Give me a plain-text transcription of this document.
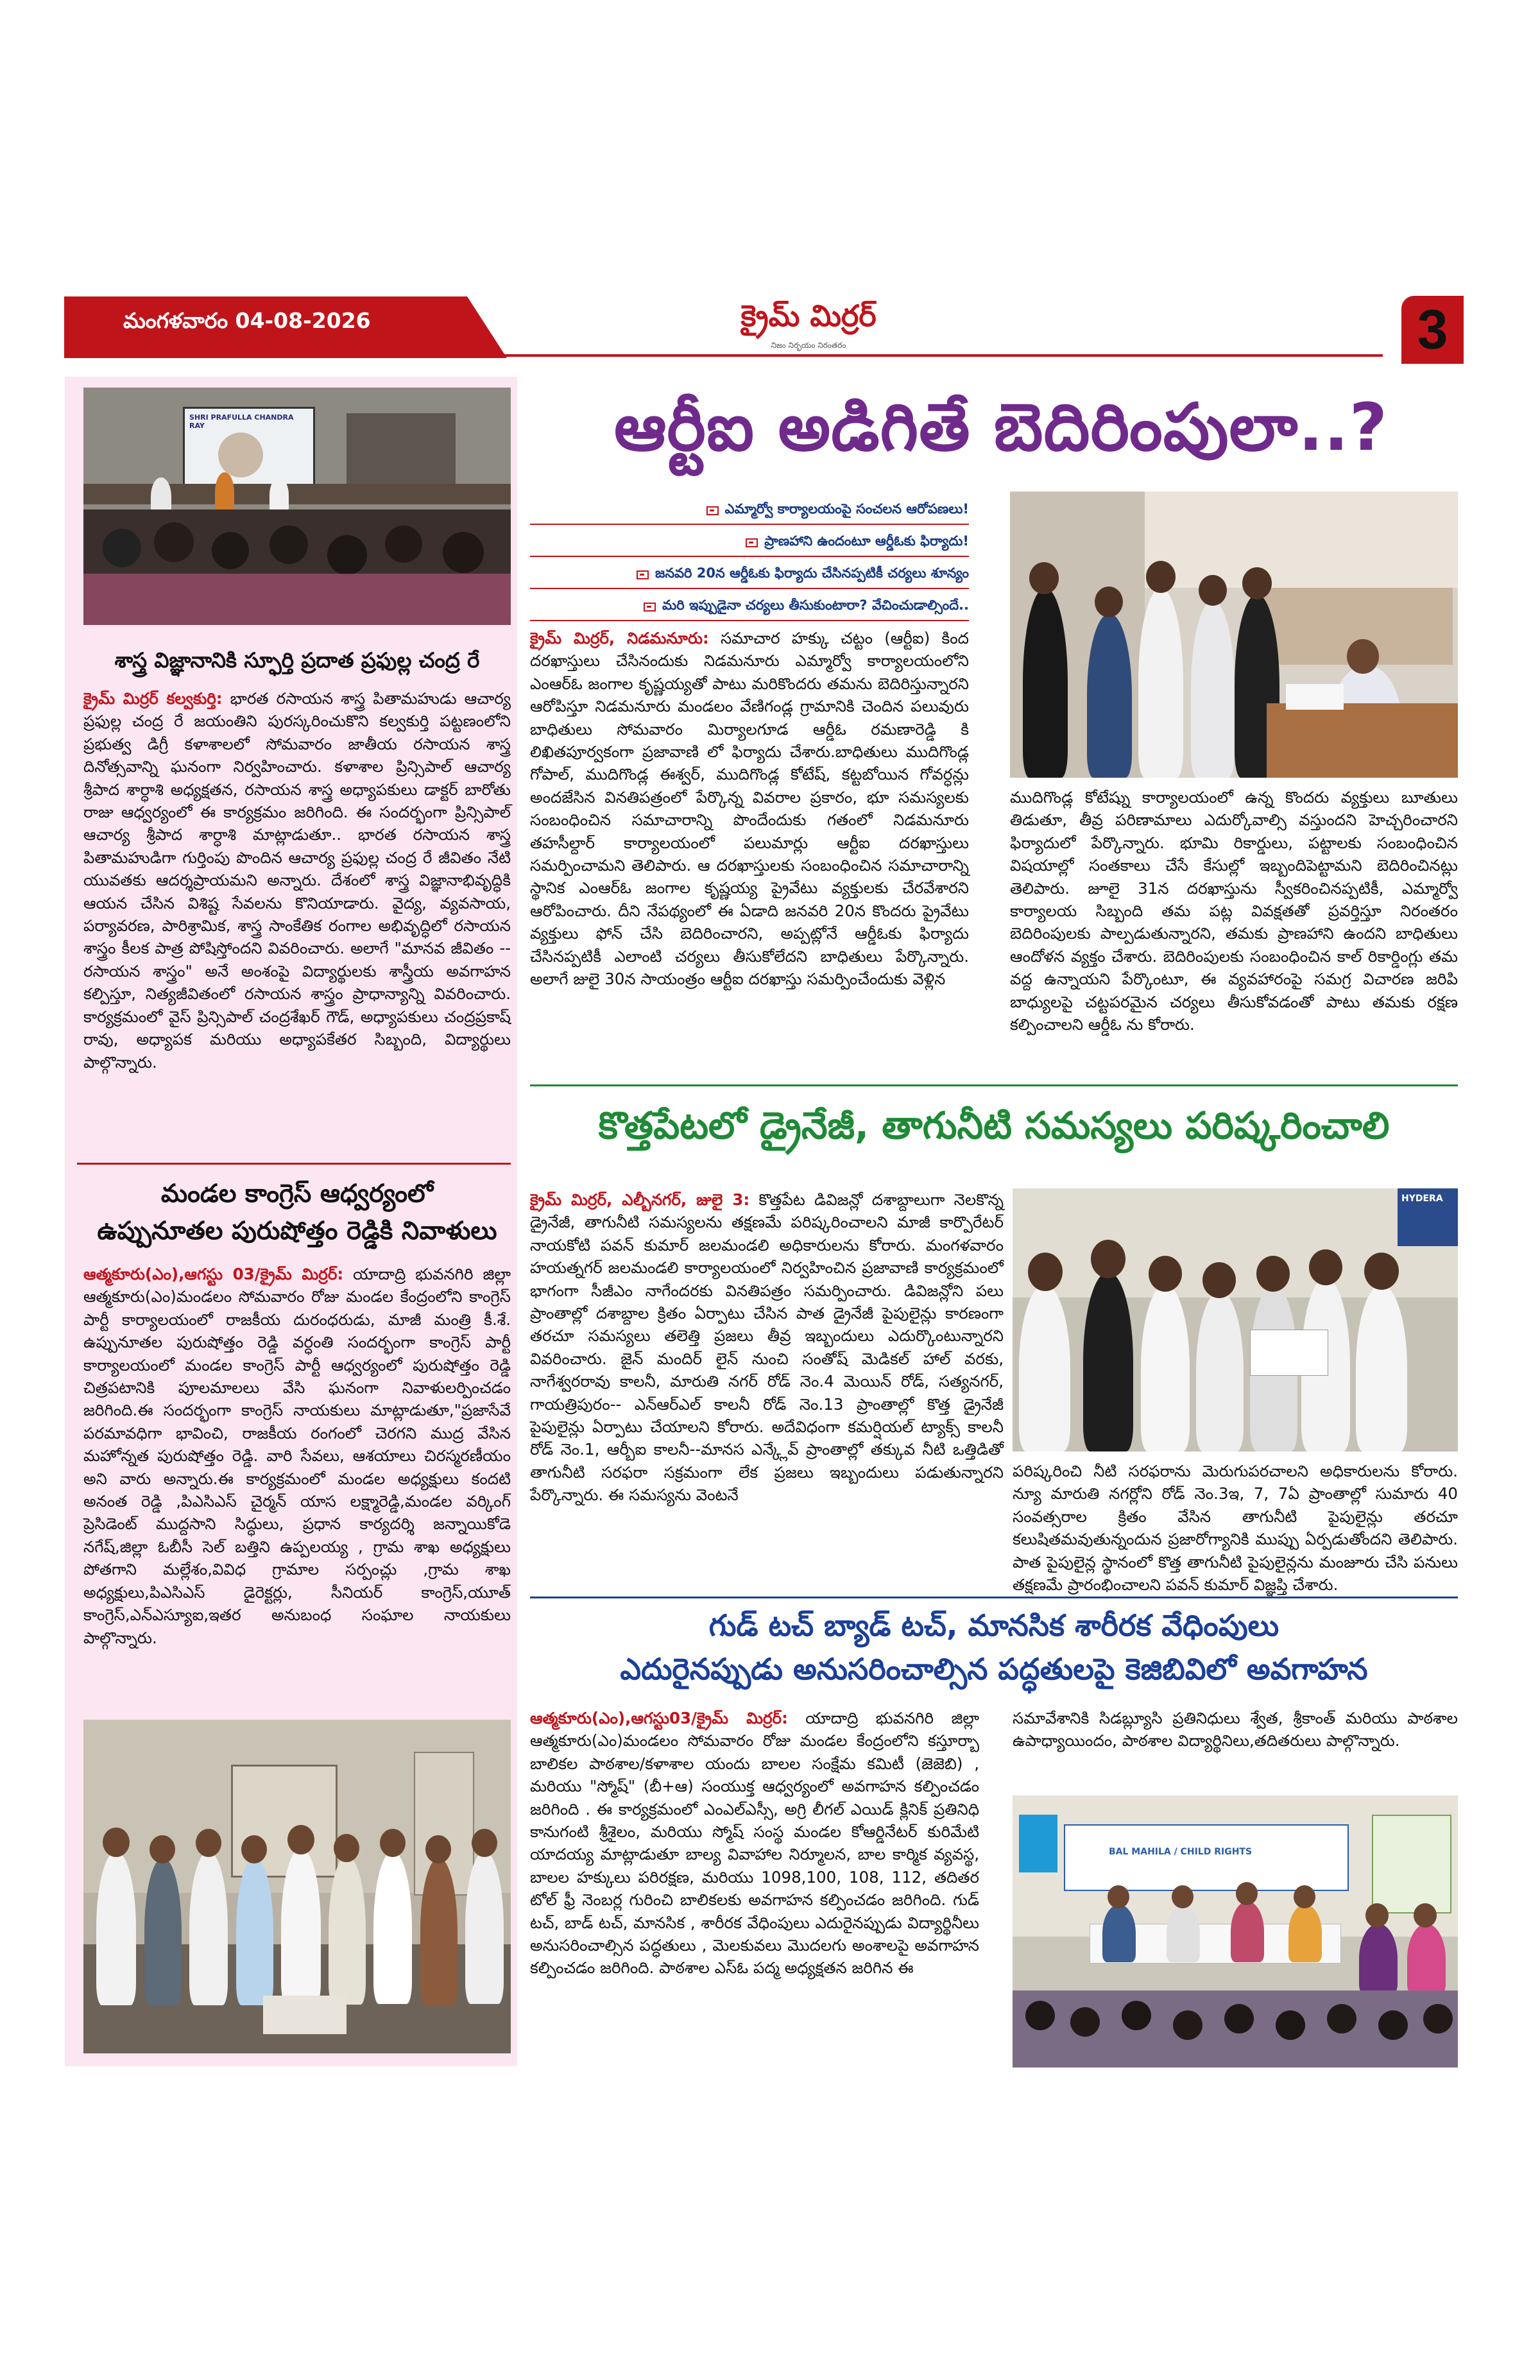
మంగళవారం 04-08-2026	క్రైమ్ మిర్రర్
నిజం నిర్భయం నిరంతరం	3
SHRI PRAFULLA CHANDRA RAY
శాస్త్ర విజ్ఞానానికి స్ఫూర్తి ప్రదాత ప్రఫుల్ల చంద్ర రే

క్రైమ్ మిర్రర్ కల్వకుర్తి: భారత రసాయన శాస్త్ర పితామహుడు ఆచార్య ప్రఫుల్ల చంద్ర రే జయంతిని పురస్కరించుకొని కల్వకుర్తి పట్టణంలోని ప్రభుత్వ డిగ్రీ కళాశాలలో సోమవారం జాతీయ రసాయన శాస్త్ర దినోత్సవాన్ని ఘనంగా నిర్వహించారు. కళాశాల ప్రిన్సిపాల్ ఆచార్య శ్రీపాద శార్ధాశి అధ్యక్షతన, రసాయన శాస్త్ర అధ్యాపకులు డాక్టర్ బారోతు రాజు ఆధ్వర్యంలో ఈ కార్యక్రమం జరిగింది. ఈ సందర్భంగా ప్రిన్సిపాల్ ఆచార్య శ్రీపాద శార్ధాశి మాట్లాడుతూ.. భారత రసాయన శాస్త్ర పితామహుడిగా గుర్తింపు పొందిన ఆచార్య ప్రఫుల్ల చంద్ర రే జీవితం నేటి యువతకు ఆదర్శప్రాయమని అన్నారు. దేశంలో శాస్త్ర విజ్ఞానాభివృద్ధికి ఆయన చేసిన విశిష్ట సేవలను కొనియాడారు. వైద్య, వ్యవసాయ, పర్యావరణ, పారిశ్రామిక, శాస్త్ర సాంకేతిక రంగాల అభివృద్ధిలో రసాయన శాస్త్రం కీలక పాత్ర పోషిస్తోందని వివరించారు. అలాగే "మానవ జీవితం -- రసాయన శాస్త్రం" అనే అంశంపై విద్యార్థులకు శాస్త్రీయ అవగాహన కల్పిస్తూ, నిత్యజీవితంలో రసాయన శాస్త్రం ప్రాధాన్యాన్ని వివరించారు. కార్యక్రమంలో వైస్ ప్రిన్సిపాల్ చంద్రశేఖర్ గౌడ్, అధ్యాపకులు చంద్రప్రకాష్ రావు, అధ్యాపక మరియు అధ్యాపకేతర సిబ్బంది, విద్యార్థులు పాల్గొన్నారు.

మండల కాంగ్రెస్ ఆధ్వర్యంలో
ఉప్పునూతల పురుషోత్తం రెడ్డికి నివాళులు

ఆత్మకూరు(ఎం),ఆగస్టు 03/క్రైమ్ మిర్రర్: యాదాద్రి భువనగిరి జిల్లా ఆత్మకూరు(ఎం)మండలం సోమవారం రోజు మండల కేంద్రంలోని కాంగ్రెస్ పార్టీ కార్యాలయంలో రాజకీయ దురంధరుడు, మాజీ మంత్రి కీ.శే. ఉప్పునూతల పురుషోత్తం రెడ్డి వర్ధంతి సందర్భంగా కాంగ్రెస్ పార్టీ కార్యాలయంలో మండల కాంగ్రెస్ పార్టీ ఆధ్వర్యంలో పురుషోత్తం రెడ్డి చిత్రపటానికి పూలమాలలు వేసి ఘనంగా నివాళులర్పించడం జరిగింది.ఈ సందర్భంగా కాంగ్రెస్ నాయకులు మాట్లాడుతూ,"ప్రజాసేవే పరమావధిగా భావించి, రాజకీయ రంగంలో చెరగని ముద్ర వేసిన మహోన్నత పురుషోత్తం రెడ్డి. వారి సేవలు, ఆశయాలు చిరస్మరణీయం అని వారు అన్నారు.ఈ కార్యక్రమంలో మండల అధ్యక్షులు కందటి అనంత రెడ్డి ,పిఎసిఎస్ చైర్మన్ యాస లక్ష్మారెడ్డి,మండల వర్కింగ్ ప్రెసిడెంట్ ముద్దసాని సిద్ధులు, ప్రధాన కార్యదర్శి జన్నాయికోడె నగేష్,జిల్లా ఓబీసీ సెల్ బత్తిని ఉప్పలయ్య , గ్రామ శాఖ అధ్యక్షులు పోతగాని మల్లేశం,వివిధ గ్రామాల సర్పంచ్లు ,గ్రామ శాఖ అధ్యక్షులు,పిఎసిఎస్ డైరెక్టర్లు, సీనియర్ కాంగ్రెస్,యూత్ కాంగ్రెస్,ఎన్ఎస్యూఐ,ఇతర అనుబంధ సంఘాల నాయకులు పాల్గొన్నారు.

ఆర్టీఐ అడిగితే బెదిరింపులా..?
ఎమ్మార్వో కార్యాలయంపై సంచలన ఆరోపణలు!
ప్రాణహాని ఉందంటూ ఆర్డీఓకు ఫిర్యాదు!
జనవరి 20న ఆర్డీఓకు ఫిర్యాదు చేసినప్పటికీ చర్యలు శూన్యం
మరి ఇప్పుడైనా చర్యలు తీసుకుంటారా? వేచించుడాల్సిందే..

క్రైమ్ మిర్రర్, నిడమనూరు: సమాచార హక్కు చట్టం (ఆర్టీఐ) కింద దరఖాస్తులు చేసినందుకు నిడమనూరు ఎమ్మార్వో కార్యాలయంలోని ఎంఆర్ఓ జంగాల కృష్ణయ్యతో పాటు మరికొందరు తమను బెదిరిస్తున్నారని ఆరోపిస్తూ నిడమనూరు మండలం వేణిగండ్ల గ్రామానికి చెందిన పలువురు బాధితులు సోమవారం మిర్యాలగూడ ఆర్డీఓ రమణారెడ్డి కి లిఖితపూర్వకంగా ప్రజావాణి లో ఫిర్యాదు చేశారు.బాధితులు ముదిగొండ్ల గోపాల్, ముదిగొండ్ల ఈశ్వర్, ముదిగొండ్ల కోటేష్, కట్టబోయిన గోవర్ధన్లు అందజేసిన వినతిపత్రంలో పేర్కొన్న వివరాల ప్రకారం, భూ సమస్యలకు సంబంధించిన సమాచారాన్ని పొందేందుకు గతంలో నిడమనూరు తహసీల్దార్ కార్యాలయంలో పలుమార్లు ఆర్టీఐ దరఖాస్తులు సమర్పించామని తెలిపారు. ఆ దరఖాస్తులకు సంబంధించిన సమాచారాన్ని స్థానిక ఎంఆర్ఓ జంగాల కృష్ణయ్య ప్రైవేటు వ్యక్తులకు చేరవేశారని ఆరోపించారు. దీని నేపథ్యంలో ఈ ఏడాది జనవరి 20న కొందరు ప్రైవేటు వ్యక్తులు ఫోన్ చేసి బెదిరించారని, అప్పట్లోనే ఆర్డీఓకు ఫిర్యాదు చేసినప్పటికీ ఎలాంటి చర్యలు తీసుకోలేదని బాధితులు పేర్కొన్నారు. అలాగే జులై 30న సాయంత్రం ఆర్టీఐ దరఖాస్తు సమర్పించేందుకు వెళ్లిన

ముదిగొండ్ల కోటేష్ను కార్యాలయంలో ఉన్న కొందరు వ్యక్తులు బూతులు తిడుతూ, తీవ్ర పరిణామాలు ఎదుర్కోవాల్సి వస్తుందని హెచ్చరించారని ఫిర్యాదులో పేర్కొన్నారు. భూమి రికార్డులు, పట్టాలకు సంబంధించిన విషయాల్లో సంతకాలు చేసే కేసుల్లో ఇబ్బందిపెట్టామని బెదిరించినట్లు తెలిపారు. జూలై 31న దరఖాస్తును స్వీకరించినప్పటికీ, ఎమ్మార్వో కార్యాలయ సిబ్బంది తమ పట్ల వివక్షతతో ప్రవర్తిస్తూ నిరంతరం బెదిరింపులకు పాల్పడుతున్నారని, తమకు ప్రాణహాని ఉందని బాధితులు ఆందోళన వ్యక్తం చేశారు. బెదిరింపులకు సంబంధించిన కాల్ రికార్డింగ్లు తమ వద్ద ఉన్నాయని పేర్కొంటూ, ఈ వ్యవహారంపై సమగ్ర విచారణ జరిపి బాధ్యులపై చట్టపరమైన చర్యలు తీసుకోవడంతో పాటు తమకు రక్షణ కల్పించాలని ఆర్డీఓ ను కోరారు.

కొత్తపేటలో డ్రైనేజీ, తాగునీటి సమస్యలు పరిష్కరించాలి

క్రైమ్ మిర్రర్, ఎల్బీనగర్, జులై 3: కొత్తపేట డివిజన్లో దశాబ్దాలుగా నెలకొన్న డ్రైనేజీ, తాగునీటి సమస్యలను తక్షణమే పరిష్కరించాలని మాజీ కార్పొరేటర్ నాయకోటి పవన్ కుమార్ జలమండలి అధికారులను కోరారు. మంగళవారం హయత్నగర్ జలమండలి కార్యాలయంలో నిర్వహించిన ప్రజావాణి కార్యక్రమంలో భాగంగా సీజీఎం నాగేందరకు వినతిపత్రం సమర్పించారు. డివిజన్లోని పలు ప్రాంతాల్లో దశాబ్దాల క్రితం ఏర్పాటు చేసిన పాత డ్రైనేజీ పైపులైన్లు కారణంగా తరచూ సమస్యలు తలెత్తి ప్రజలు తీవ్ర ఇబ్బందులు ఎదుర్కొంటున్నారని వివరించారు. జైన్ మందిర్ లైన్ నుంచి సంతోష్ మెడికల్ హాల్ వరకు, నాగేశ్వరరావు కాలనీ, మారుతి నగర్ రోడ్ నెం.4 మెయిన్ రోడ్, సత్యనగర్, గాయత్రిపురం-- ఎన్ఆర్ఎల్ కాలనీ రోడ్ నెం.13 ప్రాంతాల్లో కొత్త డ్రైనేజీ పైపులైన్లు ఏర్పాటు చేయాలని కోరారు. అదేవిధంగా కమర్షియల్ ట్యాక్స్ కాలనీ రోడ్ నెం.1, ఆర్బీఐ కాలనీ--మానస ఎన్క్లేవ్ ప్రాంతాల్లో తక్కువ నీటి ఒత్తిడితో తాగునీటి సరఫరా సక్రమంగా లేక ప్రజలు ఇబ్బందులు పడుతున్నారని పేర్కొన్నారు. ఈ సమస్యను వెంటనే

HYDERA

పరిష్కరించి నీటి సరఫరాను మెరుగుపరచాలని అధికారులను కోరారు. న్యూ మారుతి నగర్లోని రోడ్ నెం.3ఇ, 7, 7ఏ ప్రాంతాల్లో సుమారు 40 సంవత్సరాల క్రితం వేసిన తాగునీటి పైపులైన్లు తరచూ కలుషితమవుతున్నందున ప్రజారోగ్యానికి ముప్పు ఏర్పడుతోందని తెలిపారు. పాత పైపులైన్ల స్థానంలో కొత్త తాగునీటి పైపులైన్లను మంజూరు చేసి పనులు తక్షణమే ప్రారంభించాలని పవన్ కుమార్ విజ్ఞప్తి చేశారు.

గుడ్ టచ్ బ్యాడ్ టచ్, మానసిక శారీరక వేధింపులు
ఎదురైనప్పుడు అనుసరించాల్సిన పద్ధతులపై కెజిబివిలో అవగాహన

ఆత్మకూరు(ఎం),ఆగస్టు03/క్రైమ్ మిర్రర్: యాదాద్రి భువనగిరి జిల్లా ఆత్మకూరు(ఎం)మండలం సోమవారం రోజు మండల కేంద్రంలోని కస్తూర్బా బాలికల పాఠశాల/కళాశాల యందు బాలల సంక్షేమ కమిటీ (జెజెబి) , మరియు "స్మోష్" (బీ+ఆ) సంయుక్త ఆధ్వర్యంలో అవగాహన కల్పించడం జరిగింది . ఈ కార్యక్రమంలో ఎంఎల్ఎస్సీ, అగ్రి లీగల్ ఎయిడ్ క్లినిక్ ప్రతినిధి కానుగంటి శ్రీశైలం, మరియు స్మోష్ సంస్థ మండల కోఆర్డినేటర్ కురిమేటి యాదయ్య మాట్లాడుతూ బాల్య వివాహాల నిర్మూలన, బాల కార్మిక వ్యవస్థ, బాలల హక్కులు పరిరక్షణ, మరియు 1098,100, 108, 112, తదితర టోల్ ఫ్రీ నెంబర్ల గురించి బాలికలకు అవగాహన కల్పించడం జరిగింది. గుడ్ టచ్, బాడ్ టచ్, మానసిక , శారీరక వేధింపులు ఎదురైనప్పుడు విద్యార్థినీలు అనుసరించాల్సిన పద్ధతులు , మెలకువలు మొదలగు అంశాలపై అవగాహన కల్పించడం జరిగింది. పాఠశాల ఎస్ఓ పద్మ అధ్యక్షతన జరిగిన ఈ

సమావేశానికి సిడబ్ల్యూసి ప్రతినిధులు శ్వేత, శ్రీకాంత్ మరియు పాఠశాల ఉపాధ్యాయిందం, పాఠశాల విద్యార్థినిలు,తదితరులు పాల్గొన్నారు.

BAL MAHILA / CHILD RIGHTS
